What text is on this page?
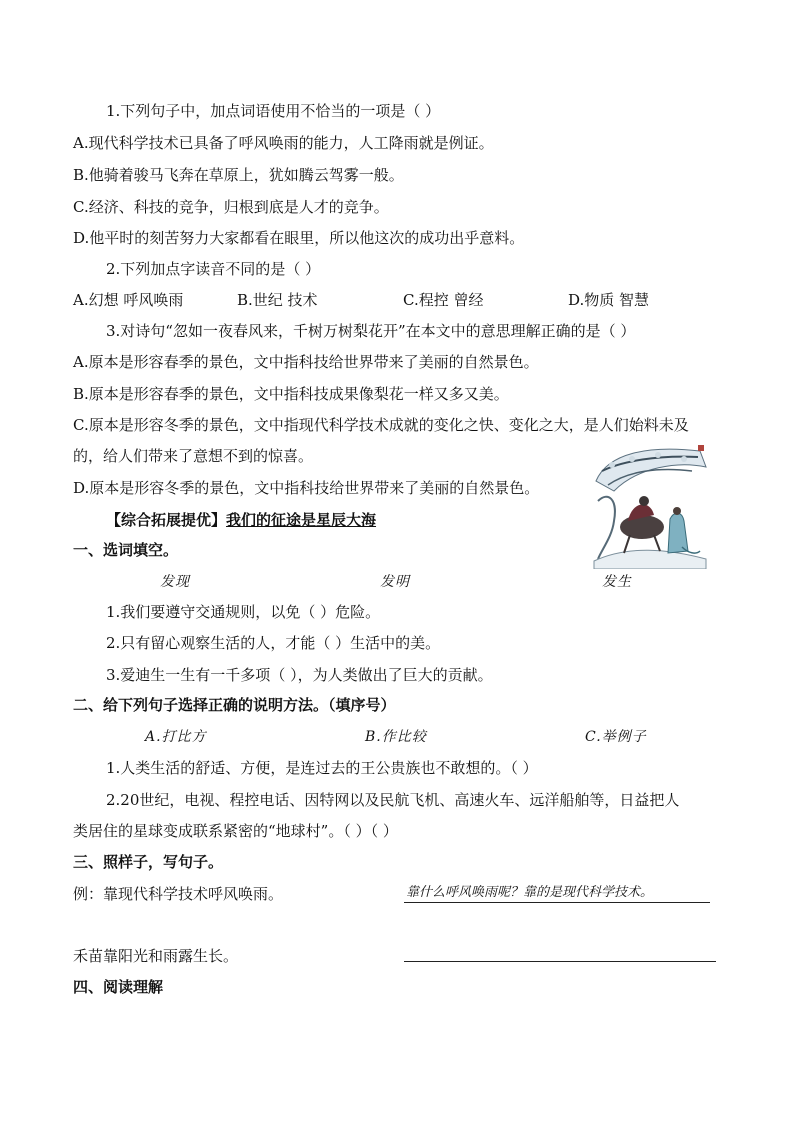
1.下列句子中，加点词语使用不恰当的一项是（ ）
A.现代科学技术已具备了呼风唤雨的能力，人工降雨就是例证。
B.他骑着骏马飞奔在草原上，犹如腾云驾雾一般。
C.经济、科技的竞争，归根到底是人才的竞争。
D.他平时的刻苦努力大家都看在眼里，所以他这次的成功出乎意料。
2.下列加点字读音不同的是（ ）
A.幻想 呼风唤雨	B.世纪 技术	C.程控 曾经	D.物质 智慧
3.对诗句“忽如一夜春风来，千树万树梨花开”在本文中的意思理解正确的是（ ）
A.原本是形容春季的景色，文中指科技给世界带来了美丽的自然景色。
B.原本是形容春季的景色，文中指科技成果像梨花一样又多又美。
C.原本是形容冬季的景色，文中指现代科学技术成就的变化之快、变化之大，是人们始料未及
的，给人们带来了意想不到的惊喜。
D.原本是形容冬季的景色，文中指科技给世界带来了美丽的自然景色。
【综合拓展提优】我们的征途是星辰大海
一、选词填空。
发现	发明	发生
1.我们要遵守交通规则，以免（ ）危险。
2.只有留心观察生活的人，才能（ ）生活中的美。
3.爱迪生一生有一千多项（ ），为人类做出了巨大的贡献。
二、给下列句子选择正确的说明方法。（填序号）
A.打比方	B.作比较	C.举例子
1.人类生活的舒适、方便，是连过去的王公贵族也不敢想的。（ ）
2.20世纪，电视、程控电话、因特网以及民航飞机、高速火车、远洋船舶等，日益把人
类居住的星球变成联系紧密的“地球村”。（ ）（ ）
三、照样子，写句子。
例：靠现代科学技术呼风唤雨。	靠什么呼风唤雨呢？靠的是现代科学技术。
禾苗靠阳光和雨露生长。
四、阅读理解
